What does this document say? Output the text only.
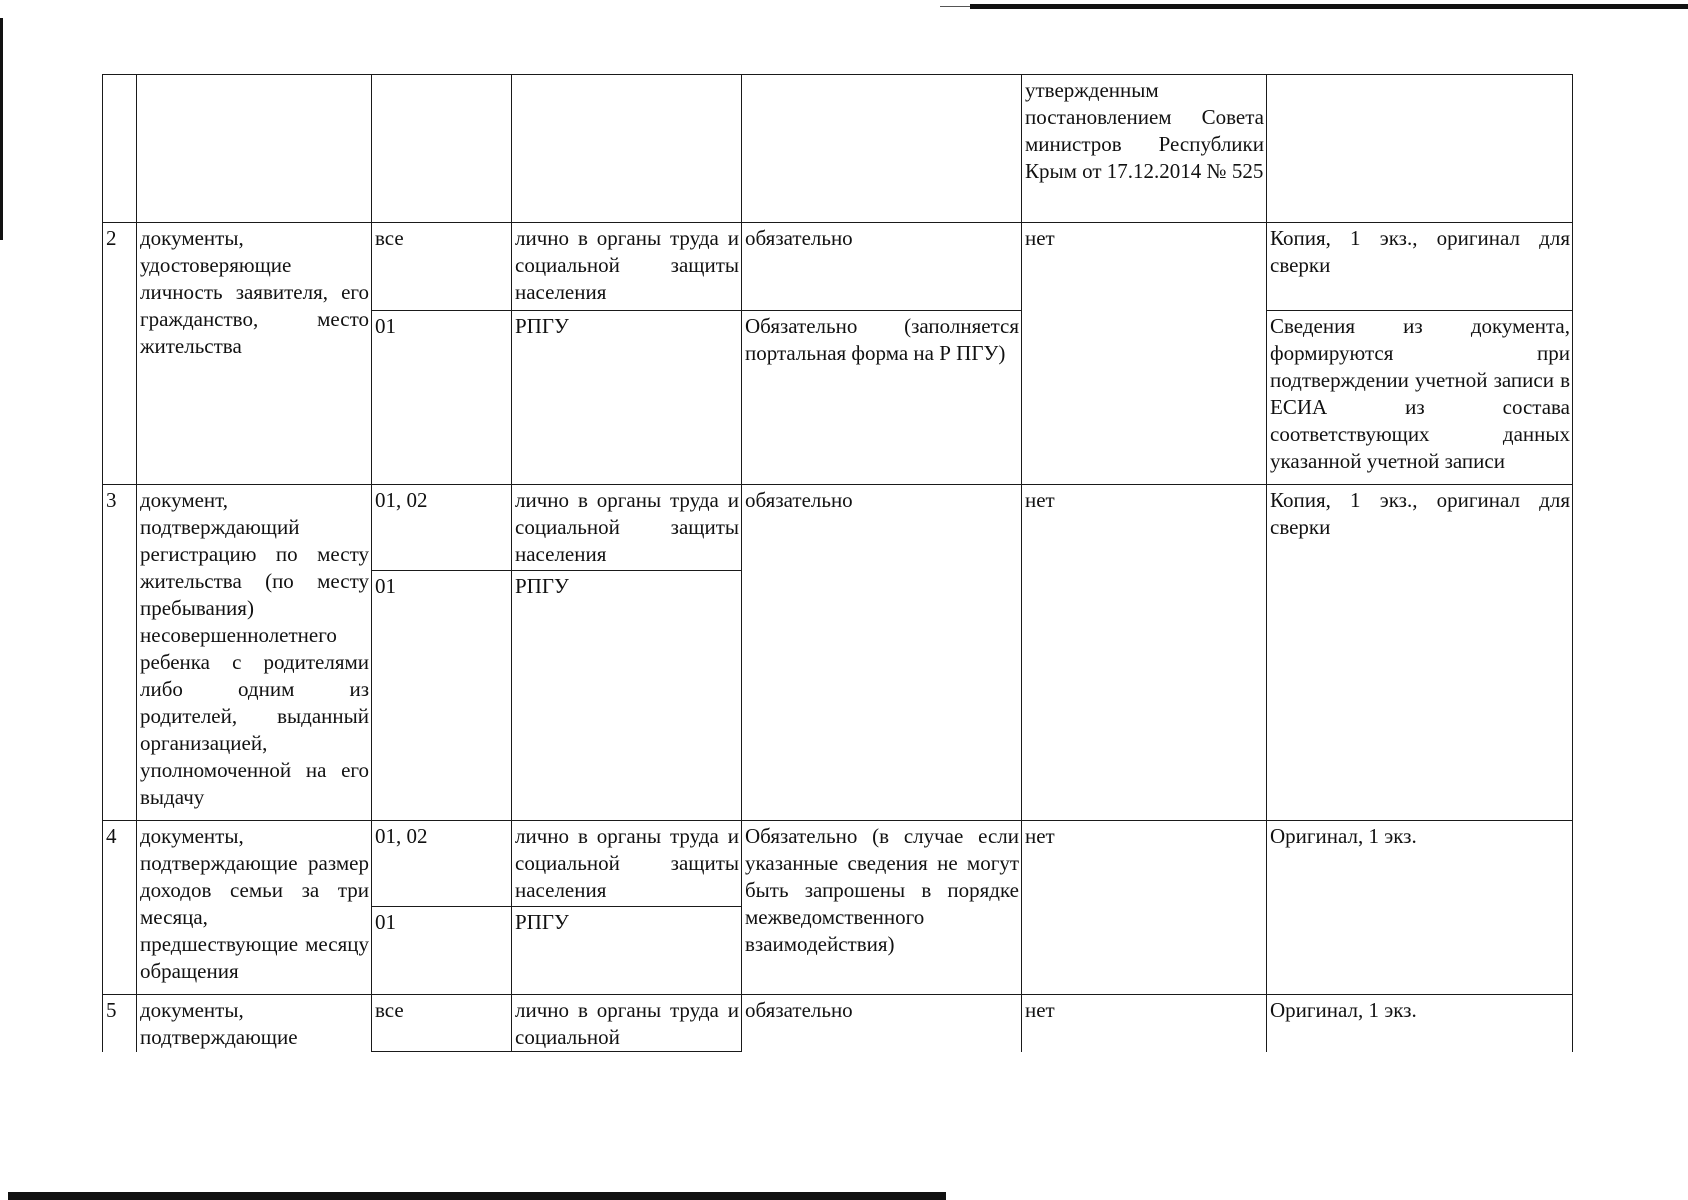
					утвержденным постановлением Совета министров Республики Крым от 17.12.2014 № 525	
2	документы, удостоверяющие личность заявителя, его гражданство, место жительства	все	лично в органы труда и социальной защиты населения	обязательно	нет	Копия, 1 экз., оригинал для сверки
		01	РПГУ	Обязательно (заполняется портальная форма на Р ПГУ)		Сведения из документа, формируются при подтверждении учетной записи в ЕСИА из состава соответствующих данных указанной учетной записи
3	документ, подтверждающий регистрацию по месту жительства (по месту пребывания) несовершеннолетнего ребенка с родителями либо одним из родителей, выданный организацией, уполномоченной на его выдачу	01, 02	лично в органы труда и социальной защиты населения	обязательно	нет	Копия, 1 экз., оригинал для сверки
		01	РПГУ			
4	документы, подтверждающие размер доходов семьи за три месяца, предшествующие месяцу обращения	01, 02	лично в органы труда и социальной защиты населения	Обязательно (в случае если указанные сведения не могут быть запрошены в порядке межведомственного взаимодействия)	нет	Оригинал, 1 экз.
		01	РПГУ			
5	документы, подтверждающие	все	лично в органы труда и социальной	обязательно	нет	Оригинал, 1 экз.
